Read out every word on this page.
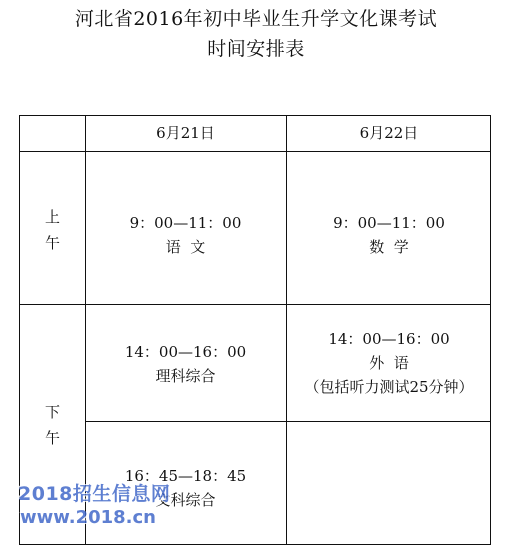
河北省2016年初中毕业生升学文化课考试
时间安排表
6月21日	6月22日
上
午
9：00—11：00
语  文
9：00—11：00
数  学
下
午
14：00—16：00
理科综合
14：00—16：00
外  语
（包括听力测试25分钟）
16：45—18：45
文科综合
2018招生信息网
www.2018.cn
